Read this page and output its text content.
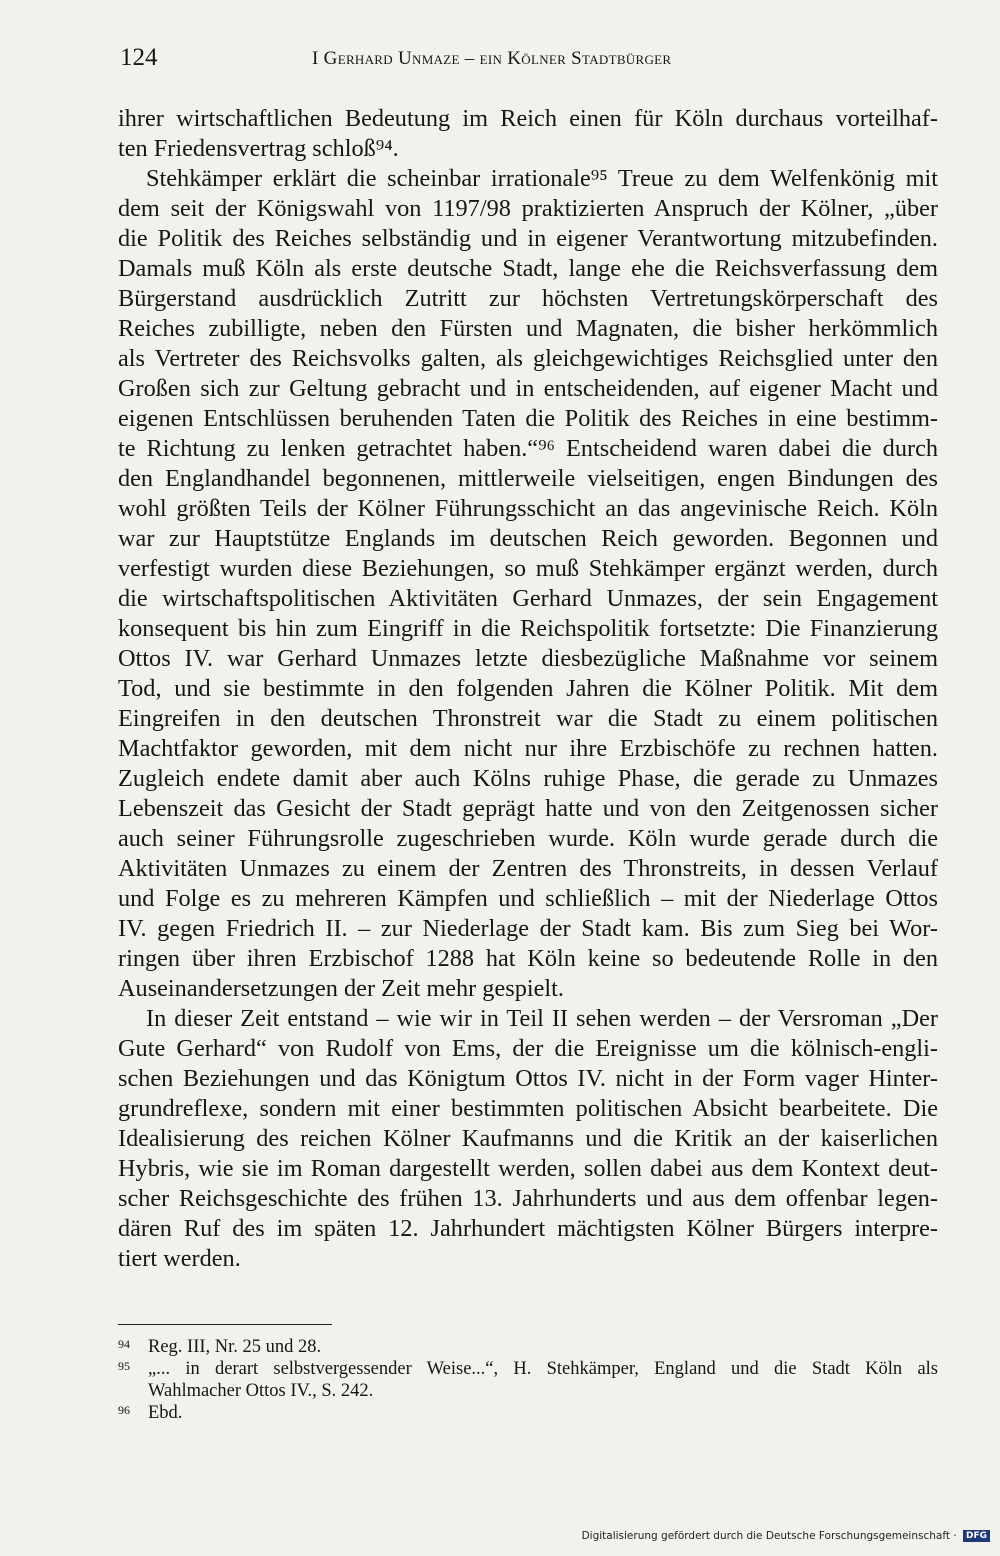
124	I Gerhard Unmaze – ein Kölner Stadtbürger
ihrer wirtschaftlichen Bedeutung im Reich einen für Köln durchaus vorteilhaf-
ten Friedensvertrag schloß⁹⁴.
Stehkämper erklärt die scheinbar irrationale⁹⁵ Treue zu dem Welfenkönig mit
dem seit der Königswahl von 1197/98 praktizierten Anspruch der Kölner, „über
die Politik des Reiches selbständig und in eigener Verantwortung mitzubefinden.
Damals muß Köln als erste deutsche Stadt, lange ehe die Reichsverfassung dem
Bürgerstand ausdrücklich Zutritt zur höchsten Vertretungskörperschaft des
Reiches zubilligte, neben den Fürsten und Magnaten, die bisher herkömmlich
als Vertreter des Reichsvolks galten, als gleichgewichtiges Reichsglied unter den
Großen sich zur Geltung gebracht und in entscheidenden, auf eigener Macht und
eigenen Entschlüssen beruhenden Taten die Politik des Reiches in eine bestimm-
te Richtung zu lenken getrachtet haben.“⁹⁶ Entscheidend waren dabei die durch
den Englandhandel begonnenen, mittlerweile vielseitigen, engen Bindungen des
wohl größten Teils der Kölner Führungsschicht an das angevinische Reich. Köln
war zur Hauptstütze Englands im deutschen Reich geworden. Begonnen und
verfestigt wurden diese Beziehungen, so muß Stehkämper ergänzt werden, durch
die wirtschaftspolitischen Aktivitäten Gerhard Unmazes, der sein Engagement
konsequent bis hin zum Eingriff in die Reichspolitik fortsetzte: Die Finanzierung
Ottos IV. war Gerhard Unmazes letzte diesbezügliche Maßnahme vor seinem
Tod, und sie bestimmte in den folgenden Jahren die Kölner Politik. Mit dem
Eingreifen in den deutschen Thronstreit war die Stadt zu einem politischen
Machtfaktor geworden, mit dem nicht nur ihre Erzbischöfe zu rechnen hatten.
Zugleich endete damit aber auch Kölns ruhige Phase, die gerade zu Unmazes
Lebenszeit das Gesicht der Stadt geprägt hatte und von den Zeitgenossen sicher
auch seiner Führungsrolle zugeschrieben wurde. Köln wurde gerade durch die
Aktivitäten Unmazes zu einem der Zentren des Thronstreits, in dessen Verlauf
und Folge es zu mehreren Kämpfen und schließlich – mit der Niederlage Ottos
IV. gegen Friedrich II. – zur Niederlage der Stadt kam. Bis zum Sieg bei Wor-
ringen über ihren Erzbischof 1288 hat Köln keine so bedeutende Rolle in den
Auseinandersetzungen der Zeit mehr gespielt.
In dieser Zeit entstand – wie wir in Teil II sehen werden – der Versroman „Der
Gute Gerhard“ von Rudolf von Ems, der die Ereignisse um die kölnisch-engli-
schen Beziehungen und das Königtum Ottos IV. nicht in der Form vager Hinter-
grundreflexe, sondern mit einer bestimmten politischen Absicht bearbeitete. Die
Idealisierung des reichen Kölner Kaufmanns und die Kritik an der kaiserlichen
Hybris, wie sie im Roman dargestellt werden, sollen dabei aus dem Kontext deut-
scher Reichsgeschichte des frühen 13. Jahrhunderts und aus dem offenbar legen-
dären Ruf des im späten 12. Jahrhundert mächtigsten Kölner Bürgers interpre-
tiert werden.
94 Reg. III, Nr. 25 und 28.
95 „... in derart selbstvergessender Weise...“, H. Stehkämper, England und die Stadt Köln als
Wahlmacher Ottos IV., S. 242.
96 Ebd.
Digitalisierung gefördert durch die Deutsche Forschungsgemeinschaft · DFG
